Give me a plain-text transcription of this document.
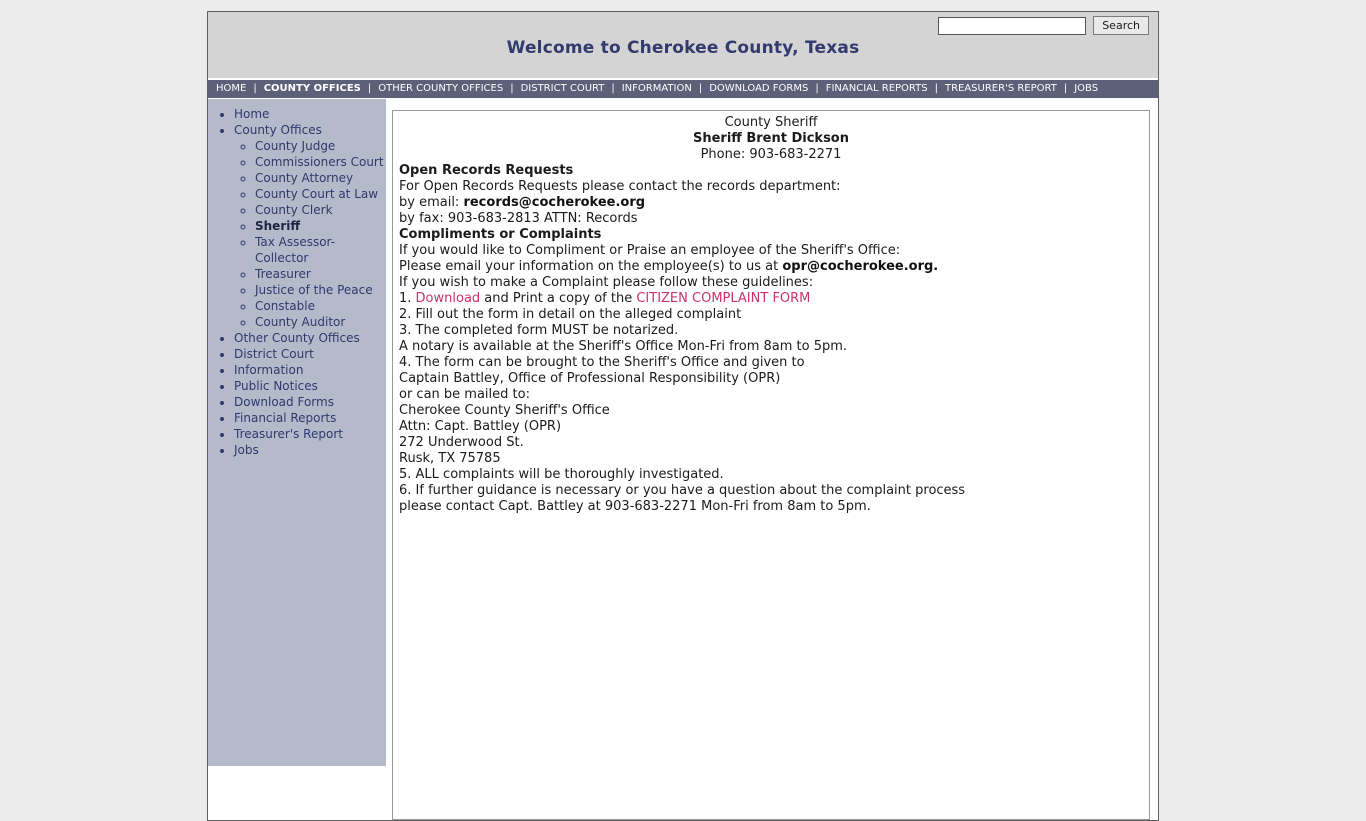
Search
Welcome to Cherokee County, Texas
HOME | COUNTY OFFICES | OTHER COUNTY OFFICES | DISTRICT COURT | INFORMATION | DOWNLOAD FORMS | FINANCIAL REPORTS | TREASURER'S REPORT | JOBS
• Home
• County Offices
◦ County Judge
◦ Commissioners Court
◦ County Attorney
◦ County Court at Law
◦ County Clerk
◦ Sheriff
◦ Tax Assessor-Collector
◦ Treasurer
◦ Justice of the Peace
◦ Constable
◦ County Auditor
• Other County Offices
• District Court
• Information
• Public Notices
• Download Forms
• Financial Reports
• Treasurer's Report
• Jobs
County Sheriff
Sheriff Brent Dickson
Phone: 903-683-2271
Open Records Requests
For Open Records Requests please contact the records department:
by email: records@cocherokee.org
by fax: 903-683-2813 ATTN: Records
Compliments or Complaints
If you would like to Compliment or Praise an employee of the Sheriff's Office:
Please email your information on the employee(s) to us at opr@cocherokee.org.
If you wish to make a Complaint please follow these guidelines:
1. Download and Print a copy of the CITIZEN COMPLAINT FORM
2. Fill out the form in detail on the alleged complaint
3. The completed form MUST be notarized.
A notary is available at the Sheriff's Office Mon-Fri from 8am to 5pm.
4. The form can be brought to the Sheriff's Office and given to
Captain Battley, Office of Professional Responsibility (OPR)
or can be mailed to:
Cherokee County Sheriff's Office
Attn: Capt. Battley (OPR)
272 Underwood St.
Rusk, TX 75785
5. ALL complaints will be thoroughly investigated.
6. If further guidance is necessary or you have a question about the complaint process
please contact Capt. Battley at 903-683-2271 Mon-Fri from 8am to 5pm.
